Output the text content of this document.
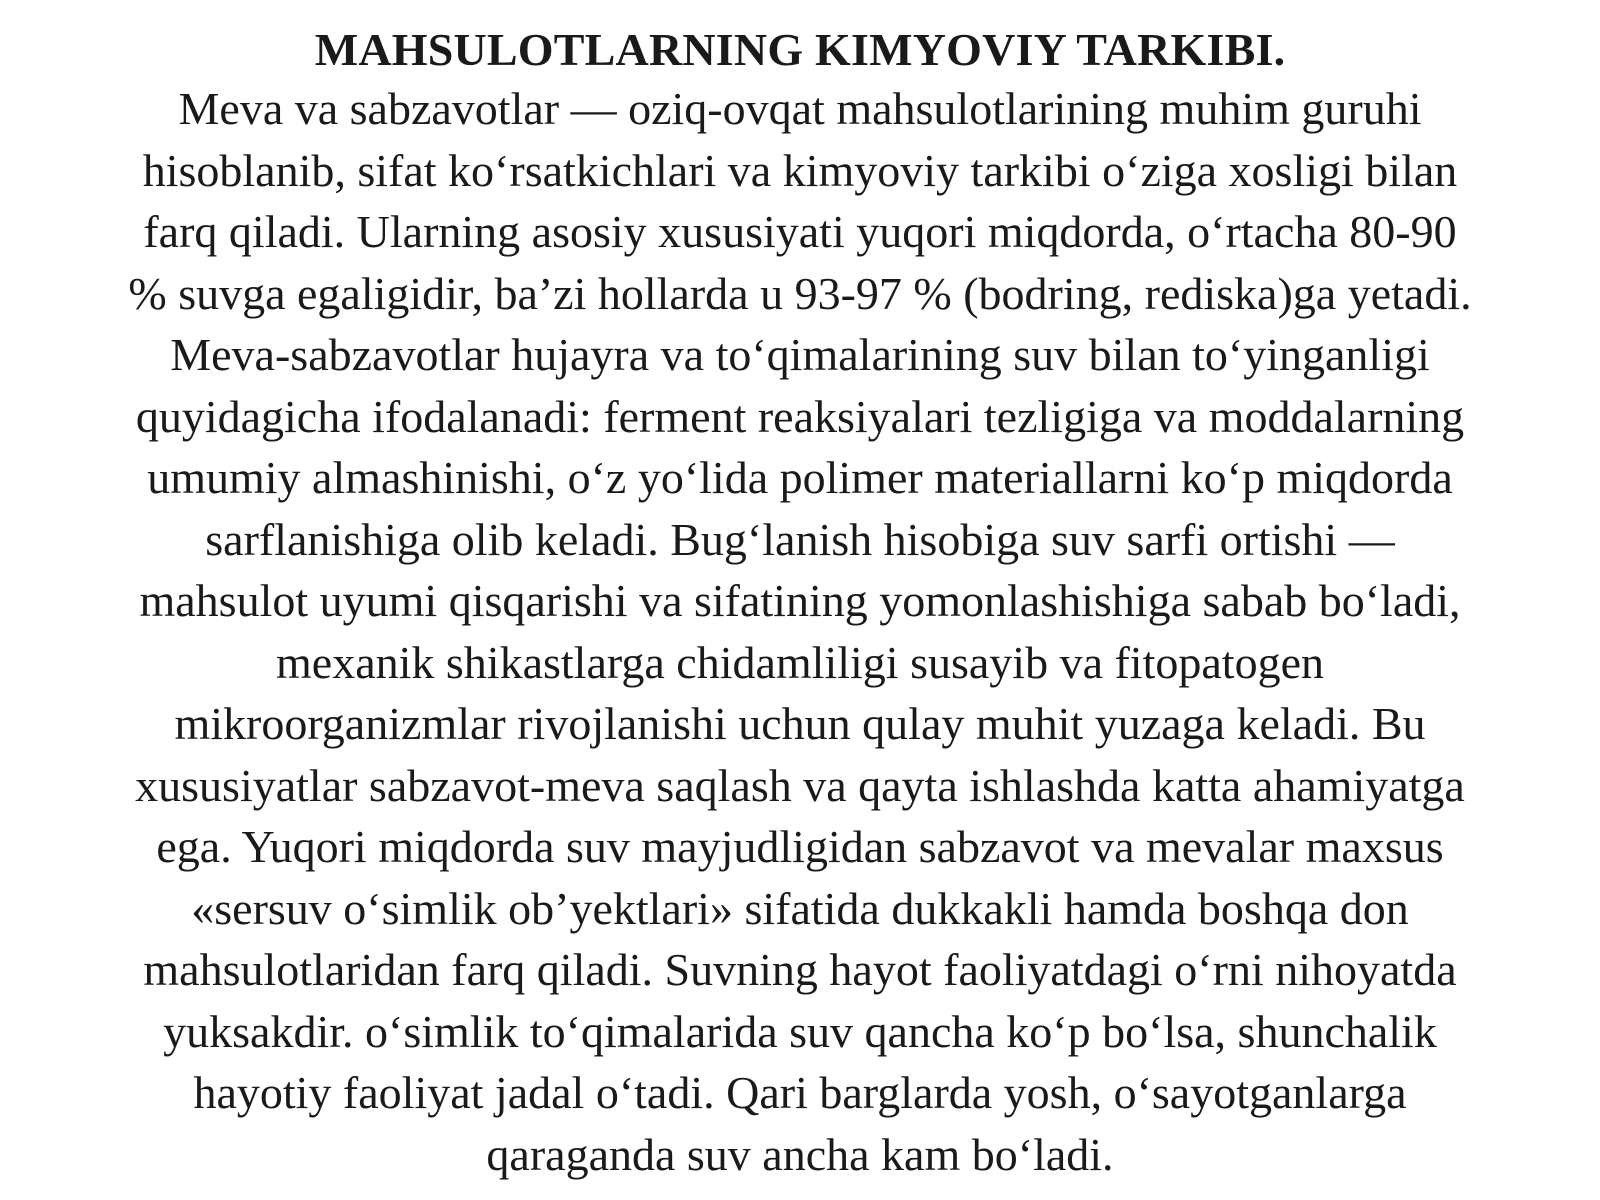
MAHSULOTLARNING KIMYOVIY TARKIBI.

Meva va sabzavotlar — oziq-ovqat mahsulotlarining muhim guruhi
hisoblanib, sifat ko‘rsatkichlari va kimyoviy tarkibi o‘ziga xosligi bilan
farq qiladi. Ularning asosiy xususiyati yuqori miqdorda, o‘rtacha 80-90
% suvga egaligidir, ba’zi hollarda u 93-97 % (bodring, rediska)ga yetadi.
Meva-sabzavotlar hujayra va to‘qimalarining suv bilan to‘yinganligi
quyidagicha ifodalanadi: ferment reaksiyalari tezligiga va moddalarning
umumiy almashinishi, o‘z yo‘lida polimer materiallarni ko‘p miqdorda
sarflanishiga olib keladi. Bug‘lanish hisobiga suv sarfi ortishi —
mahsulot uyumi qisqarishi va sifatining yomonlashishiga sabab bo‘ladi,
mexanik shikastlarga chidamliligi susayib va fitopatogen
mikroorganizmlar rivojlanishi uchun qulay muhit yuzaga keladi. Bu
xususiyatlar sabzavot-meva saqlash va qayta ishlashda katta ahamiyatga
ega. Yuqori miqdorda suv mayjudligidan sabzavot va mevalar maxsus
«sersuv o‘simlik ob’yektlari» sifatida dukkakli hamda boshqa don
mahsulotlaridan farq qiladi. Suvning hayot faoliyatdagi o‘rni nihoyatda
yuksakdir. o‘simlik to‘qimalarida suv qancha ko‘p bo‘lsa, shunchalik
hayotiy faoliyat jadal o‘tadi. Qari barglarda yosh, o‘sayotganlarga
qaraganda suv ancha kam bo‘ladi.
